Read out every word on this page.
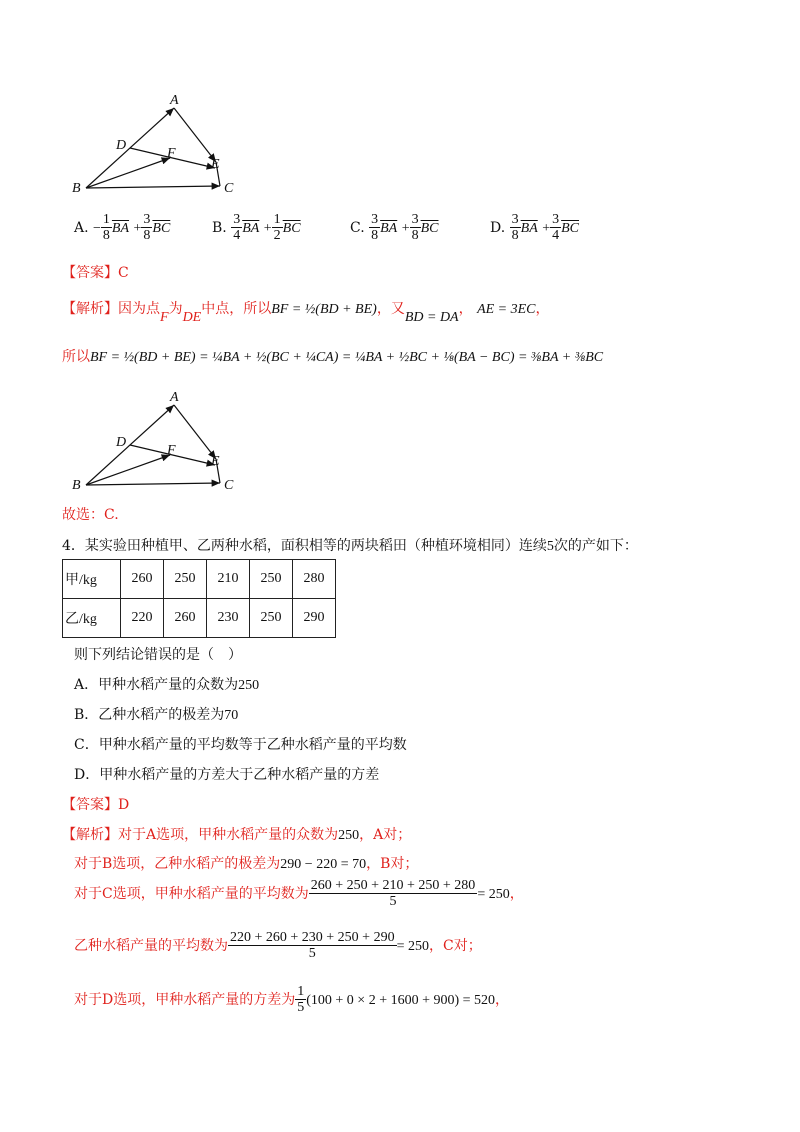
A
B	C
D
E
F
A. − $\frac{1}{8} \overline{BA} + \frac{3}{8} \overline{BC}$	B. $\frac{3}{4} \overline{BA} + \frac{1}{2} \overline{BC}$	C. $\frac{3}{8} \overline{BA} + \frac{3}{8} \overline{BC}$	D. $\frac{3}{8} \overline{BA} + \frac{3}{4} \overline{BC}$
【答案】C
【解析】因为点F为DE中点，所以BF = ½(BD + BE)，又BD = DA， AE = 3EC，
所以BF = ½(BD + BE) = ¼BA + ½(BC + ¼CA) = ¼BA + ½BC + ⅛(BA − BC) = ⅜BA + ⅜BC
A
B	C
D
E
F
故选：C.
4．某实验田种植甲、乙两种水稻，面积相等的两块稻田（种植环境相同）连续5次的产如下：
甲/kg	260	250	210	250	280
乙/kg	220	260	230	250	290
则下列结论错误的是（　）
A．甲种水稻产量的众数为250
B．乙种水稻产的极差为70
C．甲种水稻产量的平均数等于乙种水稻产量的平均数
D．甲种水稻产量的方差大于乙种水稻产量的方差
【答案】D
【解析】对于A选项，甲种水稻产量的众数为250，A对；
对于B选项，乙种水稻产的极差为290 − 220 = 70，B对；
对于C选项，甲种水稻产量的平均数为 $\frac{260 + 250 + 210 + 250 + 280}{5} = 250$，
乙种水稻产量的平均数为 $\frac{220 + 260 + 230 + 250 + 290}{5} = 250$，C对；
对于D选项，甲种水稻产量的方差为 $\frac{1}{5} (100 + 0 \times 2 + 1600 + 900) = 520$，
